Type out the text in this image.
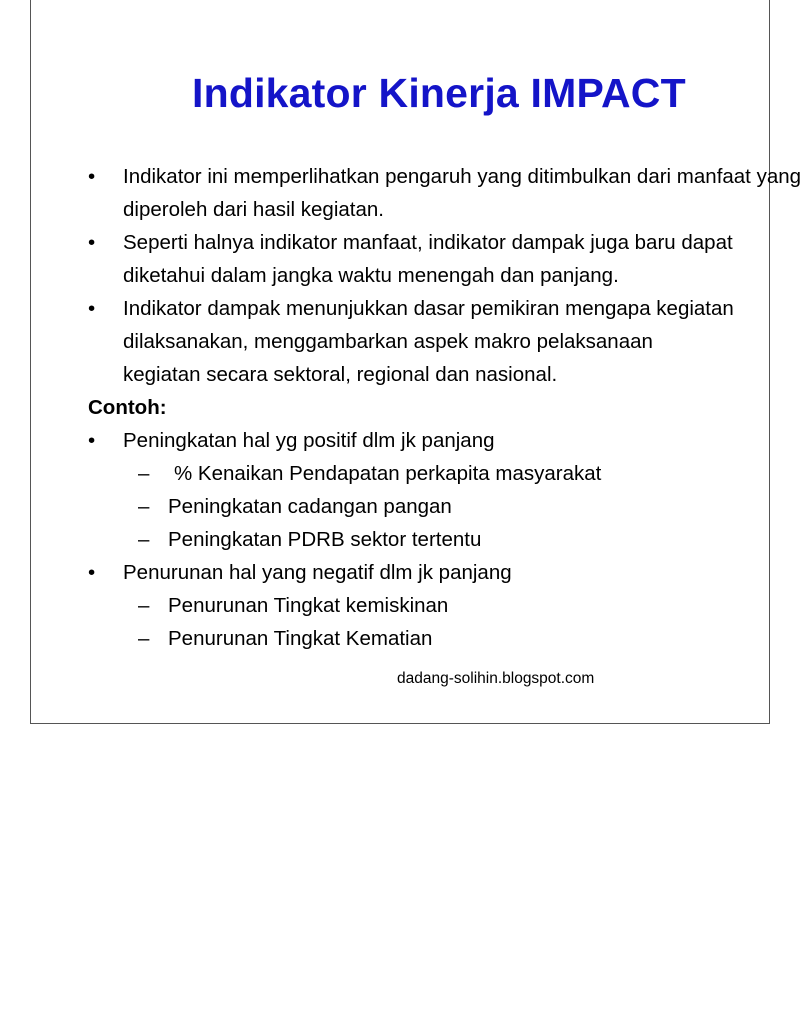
Indikator Kinerja IMPACT
•	Indikator ini memperlihatkan pengaruh yang ditimbulkan dari manfaat yang
diperoleh dari hasil kegiatan.
•	Seperti halnya indikator manfaat, indikator dampak juga baru dapat
diketahui dalam jangka waktu menengah dan panjang.
•	Indikator dampak menunjukkan dasar pemikiran mengapa kegiatan
dilaksanakan, menggambarkan aspek makro pelaksanaan
kegiatan secara sektoral, regional dan nasional.
Contoh:
•	Peningkatan hal yg positif dlm jk panjang
– % Kenaikan Pendapatan perkapita masyarakat
– Peningkatan cadangan pangan
– Peningkatan PDRB sektor tertentu
•	Penurunan hal yang negatif dlm jk panjang
– Penurunan Tingkat kemiskinan
– Penurunan Tingkat Kematian
dadang-solihin.blogspot.com
